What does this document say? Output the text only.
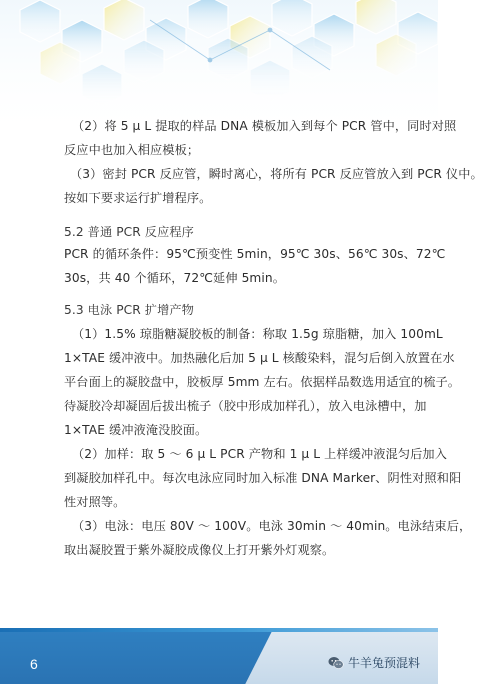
（2）将 5 μ L 提取的样品 DNA 模板加入到每个 PCR 管中，同时对照
反应中也加入相应模板；
（3）密封 PCR 反应管，瞬时离心，将所有 PCR 反应管放入到 PCR 仪中。
按如下要求运行扩增程序。
5.2 普通 PCR 反应程序
PCR 的循环条件：95℃预变性 5min，95℃ 30s、56℃ 30s、72℃
30s，共 40 个循环，72℃延伸 5min。
5.3 电泳 PCR 扩增产物
（1）1.5% 琼脂糖凝胶板的制备：称取 1.5g 琼脂糖，加入 100mL
1×TAE 缓冲液中。加热融化后加 5 μ L 核酸染料，混匀后倒入放置在水
平台面上的凝胶盘中，胶板厚 5mm 左右。依据样品数选用适宜的梳子。
待凝胶冷却凝固后拔出梳子（胶中形成加样孔），放入电泳槽中，加
1×TAE 缓冲液淹没胶面。
（2）加样：取 5 ～ 6 μ L PCR 产物和 1 μ L 上样缓冲液混匀后加入
到凝胶加样孔中。每次电泳应同时加入标准 DNA Marker、阴性对照和阳
性对照等。
（3）电泳：电压 80V ～ 100V。电泳 30min ～ 40min。电泳结束后，
取出凝胶置于紫外凝胶成像仪上打开紫外灯观察。
6	牛羊兔预混料
